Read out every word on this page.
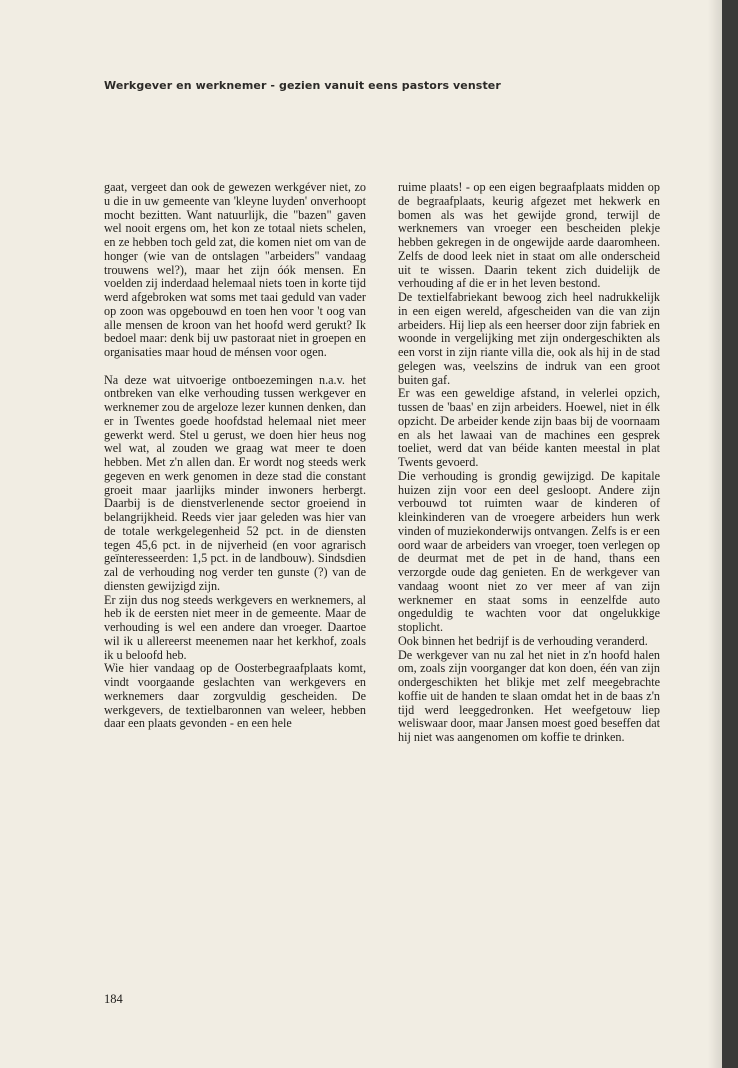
Werkgever en werknemer - gezien vanuit eens pastors venster

gaat, vergeet dan ook de gewezen werkgéver niet, zo u die in uw gemeente van 'kleyne luyden' onverhoopt mocht bezitten. Want natuurlijk, die "bazen" gaven wel nooit ergens om, het kon ze totaal niets schelen, en ze hebben toch geld zat, die komen niet om van de honger (wie van de ontslagen "arbeiders" vandaag trouwens wel?), maar het zijn óók mensen. En voelden zij inderdaad helemaal niets toen in korte tijd werd afgebroken wat soms met taai geduld van vader op zoon was opgebouwd en toen hen voor 't oog van alle mensen de kroon van het hoofd werd gerukt? Ik bedoel maar: denk bij uw pastoraat niet in groepen en organisaties maar houd de ménsen voor ogen.

Na deze wat uitvoerige ontboezemingen n.a.v. het ontbreken van elke verhouding tussen werkgever en werknemer zou de argeloze lezer kunnen denken, dan er in Twentes goede hoofdstad helemaal niet meer gewerkt werd. Stel u gerust, we doen hier heus nog wel wat, al zouden we graag wat meer te doen hebben. Met z'n allen dan. Er wordt nog steeds werk gegeven en werk genomen in deze stad die constant groeit maar jaarlijks minder inwoners herbergt. Daarbij is de dienstverlenende sector groeiend in belangrijkheid. Reeds vier jaar geleden was hier van de totale werkgelegenheid 52 pct. in de diensten tegen 45,6 pct. in de nijverheid (en voor agrarisch geïnteresseerden: 1,5 pct. in de landbouw). Sindsdien zal de verhouding nog verder ten gunste (?) van de diensten gewijzigd zijn.

Er zijn dus nog steeds werkgevers en werknemers, al heb ik de eersten niet meer in de gemeente. Maar de verhouding is wel een andere dan vroeger. Daartoe wil ik u allereerst meenemen naar het kerkhof, zoals ik u beloofd heb.

Wie hier vandaag op de Oosterbegraafplaats komt, vindt voorgaande geslachten van werkgevers en werknemers daar zorgvuldig gescheiden. De werkgevers, de textielbaronnen van weleer, hebben daar een plaats gevonden - en een hele

ruime plaats! - op een eigen begraafplaats midden op de begraafplaats, keurig afgezet met hekwerk en bomen als was het gewijde grond, terwijl de werknemers van vroeger een bescheiden plekje hebben gekregen in de ongewijde aarde daaromheen. Zelfs de dood leek niet in staat om alle onderscheid uit te wissen. Daarin tekent zich duidelijk de verhouding af die er in het leven bestond.

De textielfabriekant bewoog zich heel nadrukkelijk in een eigen wereld, afgescheiden van die van zijn arbeiders. Hij liep als een heerser door zijn fabriek en woonde in vergelijking met zijn ondergeschikten als een vorst in zijn riante villa die, ook als hij in de stad gelegen was, veelszins de indruk van een groot buiten gaf.

Er was een geweldige afstand, in velerlei opzich, tussen de 'baas' en zijn arbeiders. Hoewel, niet in élk opzicht. De arbeider kende zijn baas bij de voornaam en als het lawaai van de machines een gesprek toeliet, werd dat van béide kanten meestal in plat Twents gevoerd.

Die verhouding is grondig gewijzigd. De kapitale huizen zijn voor een deel gesloopt. Andere zijn verbouwd tot ruimten waar de kinderen of kleinkinderen van de vroegere arbeiders hun werk vinden of muziekonderwijs ontvangen. Zelfs is er een oord waar de arbeiders van vroeger, toen verlegen op de deurmat met de pet in de hand, thans een verzorgde oude dag genieten. En de werkgever van vandaag woont niet zo ver meer af van zijn werknemer en staat soms in eenzelfde auto ongeduldig te wachten voor dat ongelukkige stoplicht.

Ook binnen het bedrijf is de verhouding veranderd.

De werkgever van nu zal het niet in z'n hoofd halen om, zoals zijn voorganger dat kon doen, één van zijn ondergeschikten het blikje met zelf meegebrachte koffie uit de handen te slaan omdat het in de baas z'n tijd werd leeggedronken. Het weefgetouw liep weliswaar door, maar Jansen moest goed beseffen dat hij niet was aangenomen om koffie te drinken.

184
